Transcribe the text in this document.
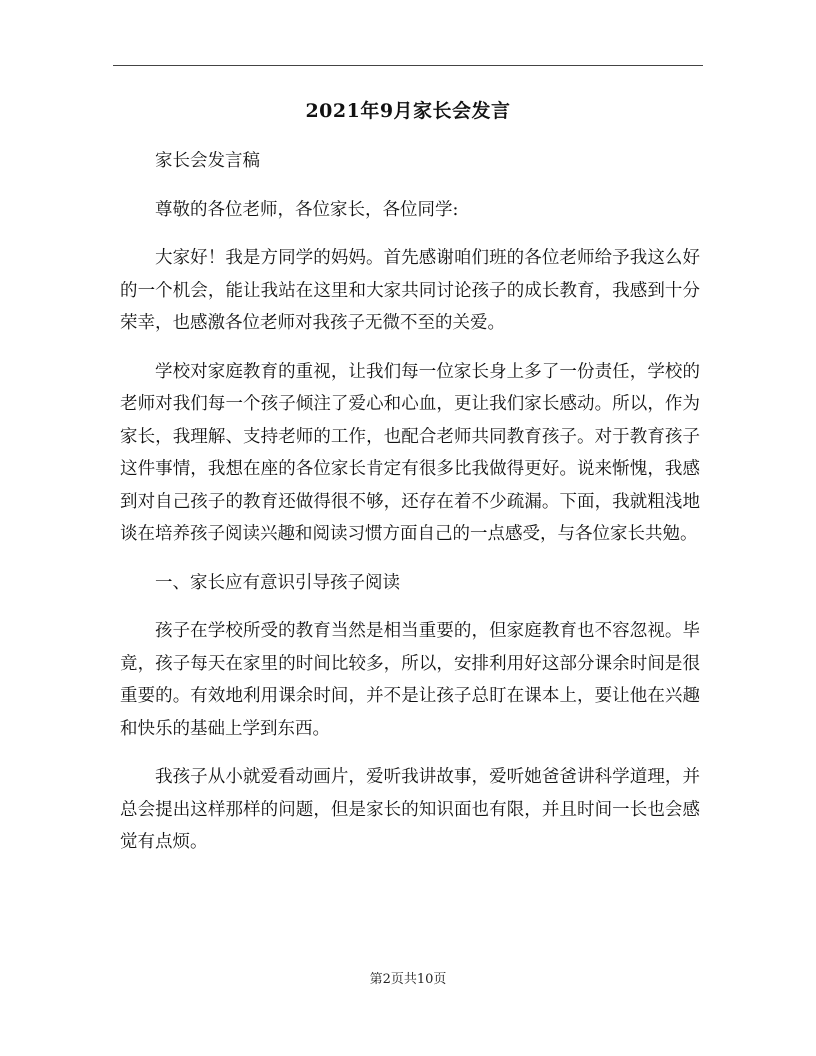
2021年9月家长会发言

家长会发言稿

尊敬的各位老师，各位家长，各位同学:

大家好！我是方同学的妈妈。首先感谢咱们班的各位老师给予我这么好的一个机会，能让我站在这里和大家共同讨论孩子的成长教育，我感到十分荣幸，也感激各位老师对我孩子无微不至的关爱。

学校对家庭教育的重视，让我们每一位家长身上多了一份责任，学校的老师对我们每一个孩子倾注了爱心和心血，更让我们家长感动。所以，作为家长，我理解、支持老师的工作，也配合老师共同教育孩子。对于教育孩子这件事情，我想在座的各位家长肯定有很多比我做得更好。说来惭愧，我感到对自己孩子的教育还做得很不够，还存在着不少疏漏。下面，我就粗浅地谈在培养孩子阅读兴趣和阅读习惯方面自己的一点感受，与各位家长共勉。

一、家长应有意识引导孩子阅读

孩子在学校所受的教育当然是相当重要的，但家庭教育也不容忽视。毕竟，孩子每天在家里的时间比较多，所以，安排利用好这部分课余时间是很重要的。有效地利用课余时间，并不是让孩子总盯在课本上，要让他在兴趣和快乐的基础上学到东西。

我孩子从小就爱看动画片，爱听我讲故事，爱听她爸爸讲科学道理，并总会提出这样那样的问题，但是家长的知识面也有限，并且时间一长也会感觉有点烦。

第2页共10页
